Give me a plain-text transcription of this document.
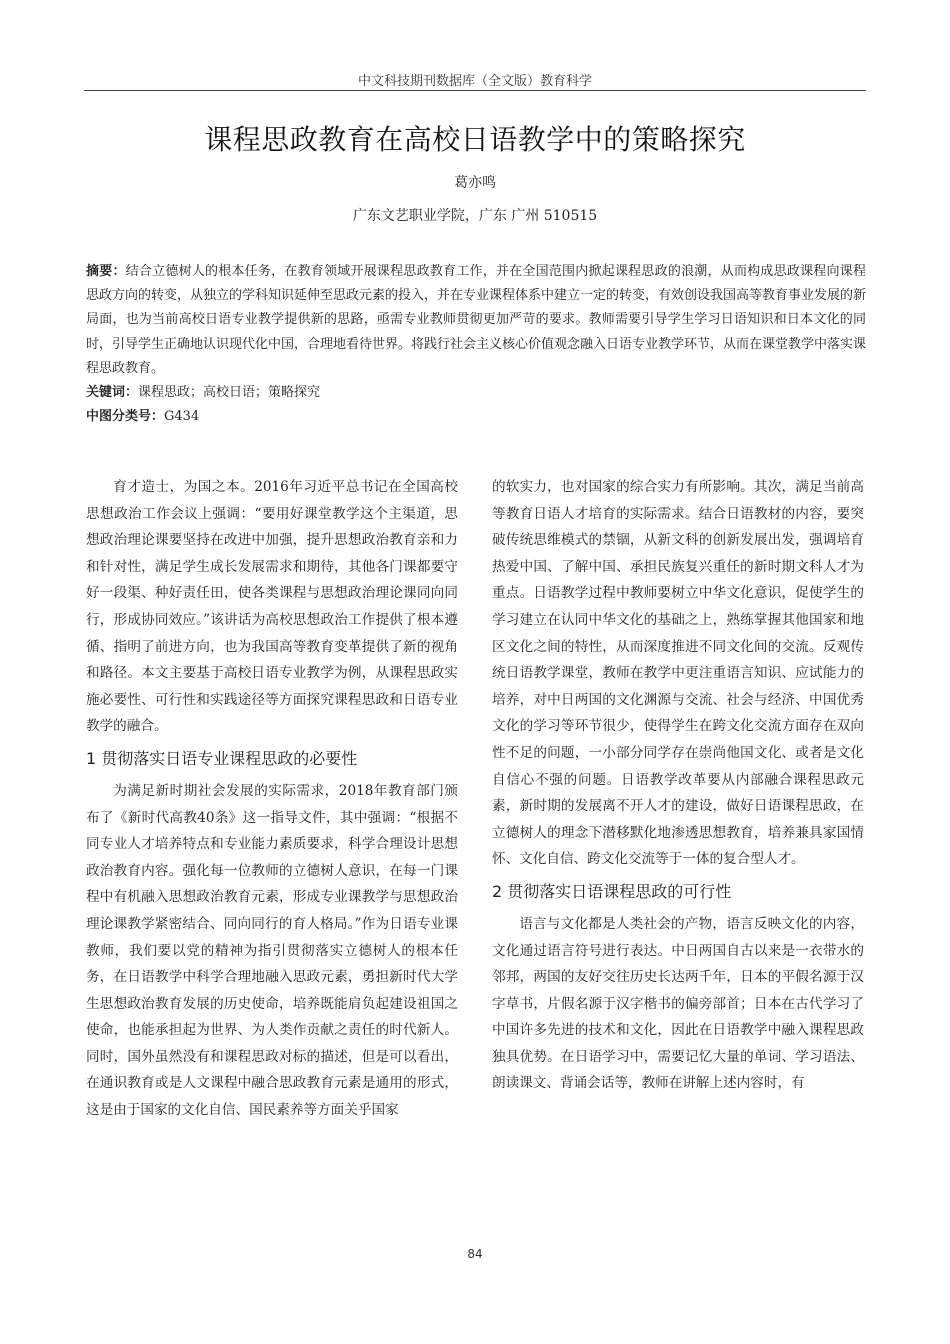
中文科技期刊数据库（全文版）教育科学
课程思政教育在高校日语教学中的策略探究
葛亦鸣
广东文艺职业学院，广东 广州 510515

摘要：结合立德树人的根本任务，在教育领域开展课程思政教育工作，并在全国范围内掀起课程思政的浪潮，从而构成思政课程向课程思政方向的转变，从独立的学科知识延伸至思政元素的投入，并在专业课程体系中建立一定的转变，有效创设我国高等教育事业发展的新局面，也为当前高校日语专业教学提供新的思路，亟需专业教师贯彻更加严苛的要求。教师需要引导学生学习日语知识和日本文化的同时，引导学生正确地认识现代化中国，合理地看待世界。将践行社会主义核心价值观念融入日语专业教学环节，从而在课堂教学中落实课程思政教育。

关键词：课程思政；高校日语；策略探究

中图分类号：G434

育才造士，为国之本。2016年习近平总书记在全国高校思想政治工作会议上强调：“要用好课堂教学这个主渠道，思想政治理论课要坚持在改进中加强，提升思想政治教育亲和力和针对性，满足学生成长发展需求和期待，其他各门课都要守好一段渠、种好责任田，使各类课程与思想政治理论课同向同行，形成协同效应。”该讲话为高校思想政治工作提供了根本遵循、指明了前进方向，也为我国高等教育变革提供了新的视角和路径。本文主要基于高校日语专业教学为例，从课程思政实施必要性、可行性和实践途径等方面探究课程思政和日语专业教学的融合。

1 贯彻落实日语专业课程思政的必要性

为满足新时期社会发展的实际需求，2018年教育部门颁布了《新时代高教40条》这一指导文件，其中强调：“根据不同专业人才培养特点和专业能力素质要求，科学合理设计思想政治教育内容。强化每一位教师的立德树人意识，在每一门课程中有机融入思想政治教育元素，形成专业课教学与思想政治理论课教学紧密结合、同向同行的育人格局。”作为日语专业课教师，我们要以党的精神为指引贯彻落实立德树人的根本任务，在日语教学中科学合理地融入思政元素，勇担新时代大学生思想政治教育发展的历史使命，培养既能肩负起建设祖国之使命，也能承担起为世界、为人类作贡献之责任的时代新人。同时，国外虽然没有和课程思政对标的描述，但是可以看出，在通识教育或是人文课程中融合思政教育元素是通用的形式，这是由于国家的文化自信、国民素养等方面关乎国家

的软实力，也对国家的综合实力有所影响。其次，满足当前高等教育日语人才培育的实际需求。结合日语教材的内容，要突破传统思维模式的禁锢，从新文科的创新发展出发，强调培育热爱中国、了解中国、承担民族复兴重任的新时期文科人才为重点。日语教学过程中教师要树立中华文化意识，促使学生的学习建立在认同中华文化的基础之上，熟练掌握其他国家和地区文化之间的特性，从而深度推进不同文化间的交流。反观传统日语教学课堂，教师在教学中更注重语言知识、应试能力的培养，对中日两国的文化渊源与交流、社会与经济、中国优秀文化的学习等环节很少，使得学生在跨文化交流方面存在双向性不足的问题，一小部分同学存在崇尚他国文化、或者是文化自信心不强的问题。日语教学改革要从内部融合课程思政元素，新时期的发展离不开人才的建设，做好日语课程思政，在立德树人的理念下潜移默化地渗透思想教育，培养兼具家国情怀、文化自信、跨文化交流等于一体的复合型人才。

2 贯彻落实日语课程思政的可行性

语言与文化都是人类社会的产物，语言反映文化的内容，文化通过语言符号进行表达。中日两国自古以来是一衣带水的邻邦，两国的友好交往历史长达两千年，日本的平假名源于汉字草书，片假名源于汉字楷书的偏旁部首；日本在古代学习了中国许多先进的技术和文化，因此在日语教学中融入课程思政独具优势。在日语学习中，需要记忆大量的单词、学习语法、朗读课文、背诵会话等，教师在讲解上述内容时，有

84
